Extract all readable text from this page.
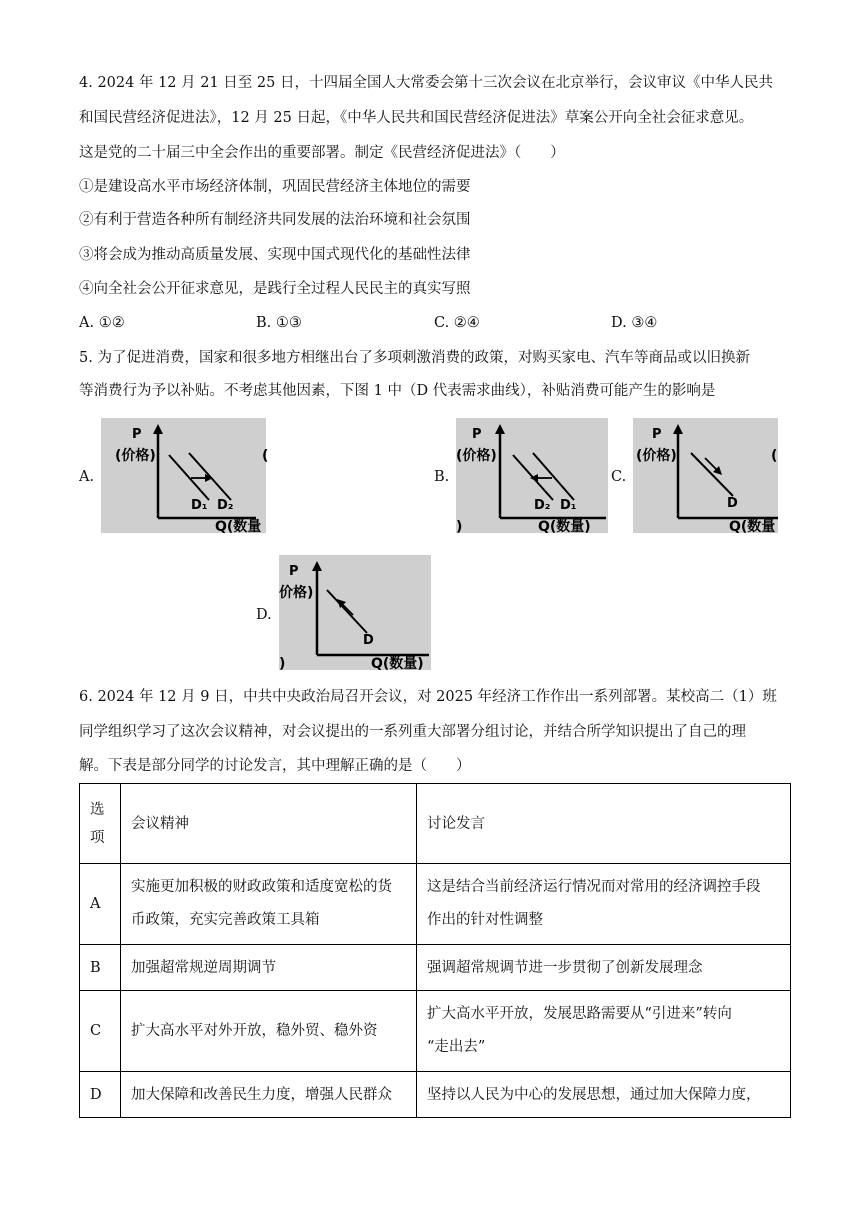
4. 2024 年 12 月 21 日至 25 日，十四届全国人大常委会第十三次会议在北京举行，会议审议《中华人民共
和国民营经济促进法》，12 月 25 日起，《中华人民共和国民营经济促进法》草案公开向全社会征求意见。
这是党的二十届三中全会作出的重要部署。制定《民营经济促进法》（　　）
①是建设高水平市场经济体制，巩固民营经济主体地位的需要
②有利于营造各种所有制经济共同发展的法治环境和社会氛围
③将会成为推动高质量发展、实现中国式现代化的基础性法律
④向全社会公开征求意见，是践行全过程人民民主的真实写照
A. ①②	B. ①③	C. ②④	D. ③④
5. 为了促进消费，国家和很多地方相继出台了多项刺激消费的政策，对购买家电、汽车等商品或以旧换新
等消费行为予以补贴。不考虑其他因素，下图 1 中（D 代表需求曲线），补贴消费可能产生的影响是
A.
P
(价格)
Q(数量
D₁ D₂
(
B.
P
(价格)
Q(数量)
)
D₂ D₁
C.
P
(价格)
Q(数量
(
D
D.
P
价格)
Q(数量)
)
D
6. 2024 年 12 月 9 日，中共中央政治局召开会议，对 2025 年经济工作作出一系列部署。某校高二（1）班
同学组织学习了这次会议精神，对会议提出的一系列重大部署分组讨论，并结合所学知识提出了自己的理
解。下表是部分同学的讨论发言，其中理解正确的是（　　）
选
项	会议精神	讨论发言
A	实施更加积极的财政政策和适度宽松的货
币政策，充实完善政策工具箱	这是结合当前经济运行情况而对常用的经济调控手段
作出的针对性调整
B	加强超常规逆周期调节	强调超常规调节进一步贯彻了创新发展理念
C	扩大高水平对外开放，稳外贸、稳外资	扩大高水平开放，发展思路需要从“引进来”转向
“走出去”
D	加大保障和改善民生力度，增强人民群众	坚持以人民为中心的发展思想，通过加大保障力度，
